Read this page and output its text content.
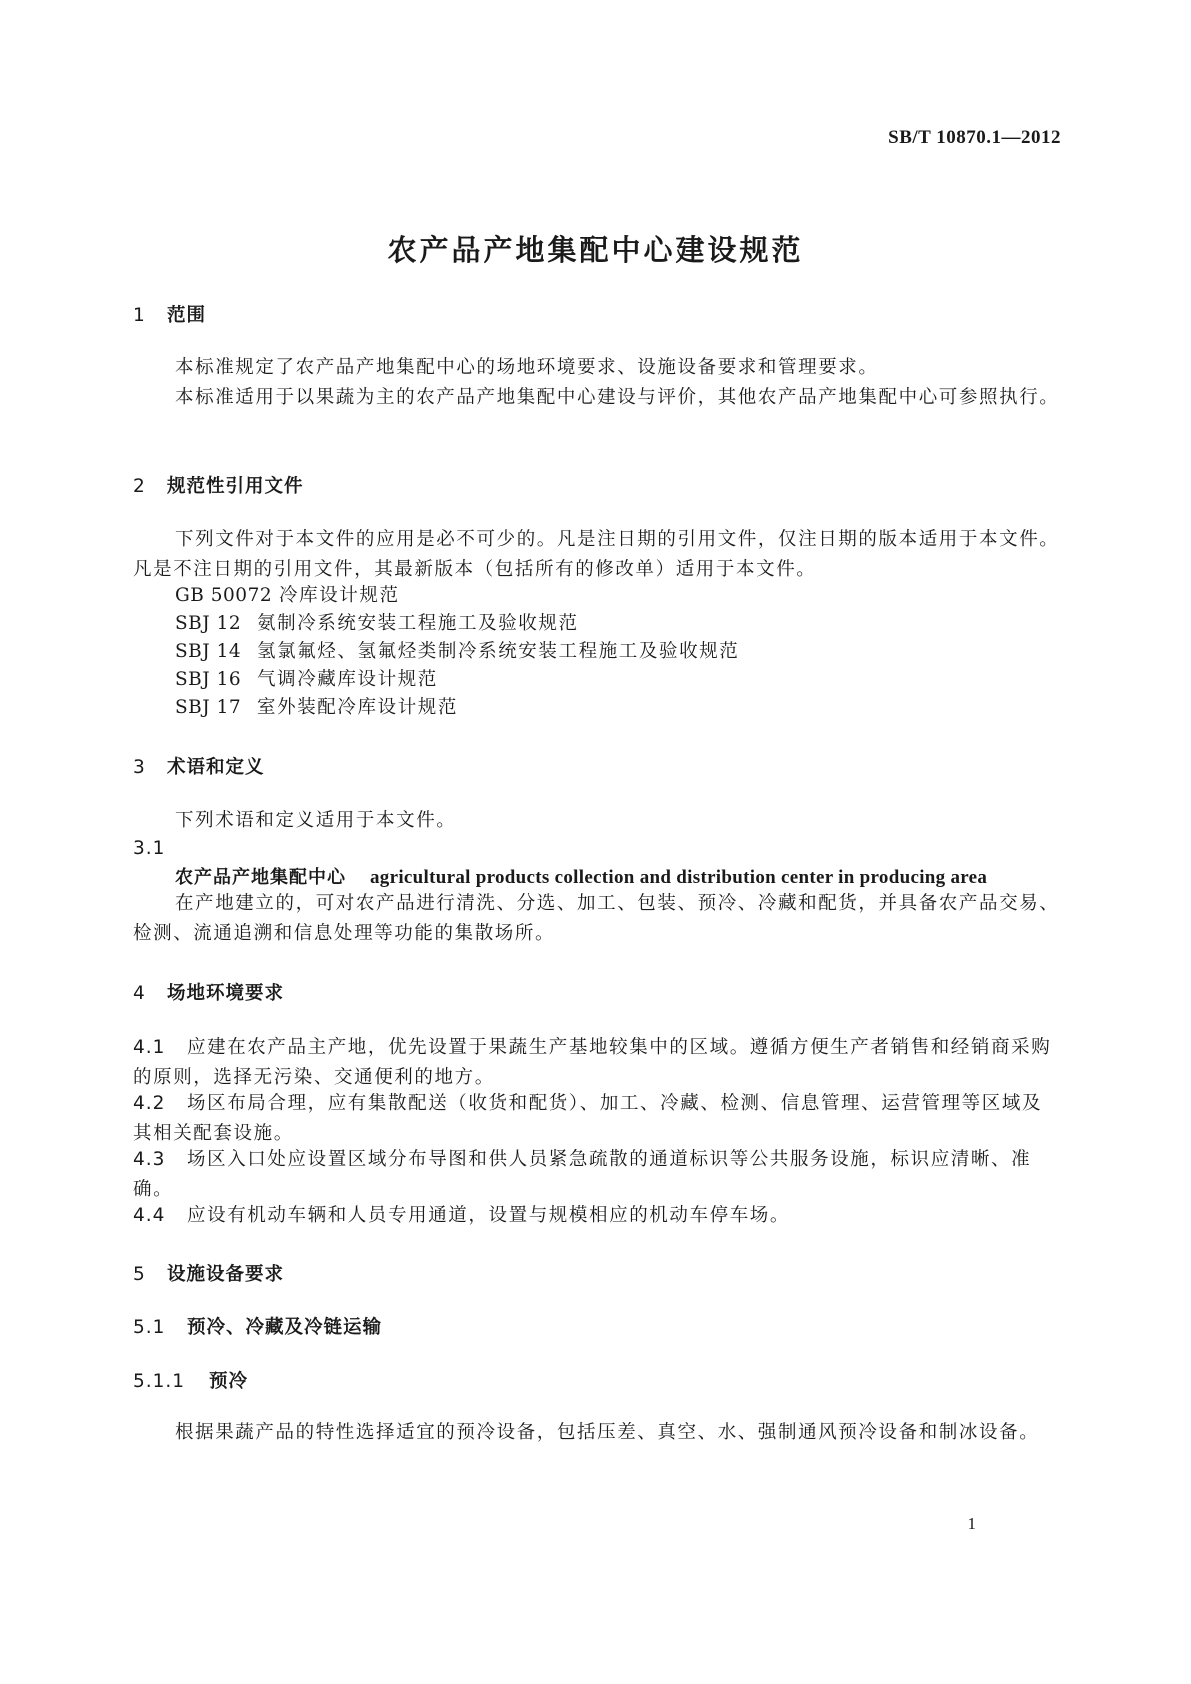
SB/T 10870.1—2012
农产品产地集配中心建设规范
1 范围
本标准规定了农产品产地集配中心的场地环境要求、设施设备要求和管理要求。
本标准适用于以果蔬为主的农产品产地集配中心建设与评价，其他农产品产地集配中心可参照执行。
2 规范性引用文件
下列文件对于本文件的应用是必不可少的。凡是注日期的引用文件，仅注日期的版本适用于本文件。凡是不注日期的引用文件，其最新版本（包括所有的修改单）适用于本文件。
GB 50072 冷库设计规范
SBJ 12 氨制冷系统安装工程施工及验收规范
SBJ 14 氢氯氟烃、氢氟烃类制冷系统安装工程施工及验收规范
SBJ 16 气调冷藏库设计规范
SBJ 17 室外装配冷库设计规范
3 术语和定义
下列术语和定义适用于本文件。
3.1
农产品产地集配中心 agricultural products collection and distribution center in producing area
在产地建立的，可对农产品进行清洗、分选、加工、包装、预冷、冷藏和配货，并具备农产品交易、检测、流通追溯和信息处理等功能的集散场所。
4 场地环境要求
4.1 应建在农产品主产地，优先设置于果蔬生产基地较集中的区域。遵循方便生产者销售和经销商采购的原则，选择无污染、交通便利的地方。
4.2 场区布局合理，应有集散配送（收货和配货）、加工、冷藏、检测、信息管理、运营管理等区域及其相关配套设施。
4.3 场区入口处应设置区域分布导图和供人员紧急疏散的通道标识等公共服务设施，标识应清晰、准确。
4.4 应设有机动车辆和人员专用通道，设置与规模相应的机动车停车场。
5 设施设备要求
5.1 预冷、冷藏及冷链运输
5.1.1 预冷
根据果蔬产品的特性选择适宜的预冷设备，包括压差、真空、水、强制通风预冷设备和制冰设备。
1
